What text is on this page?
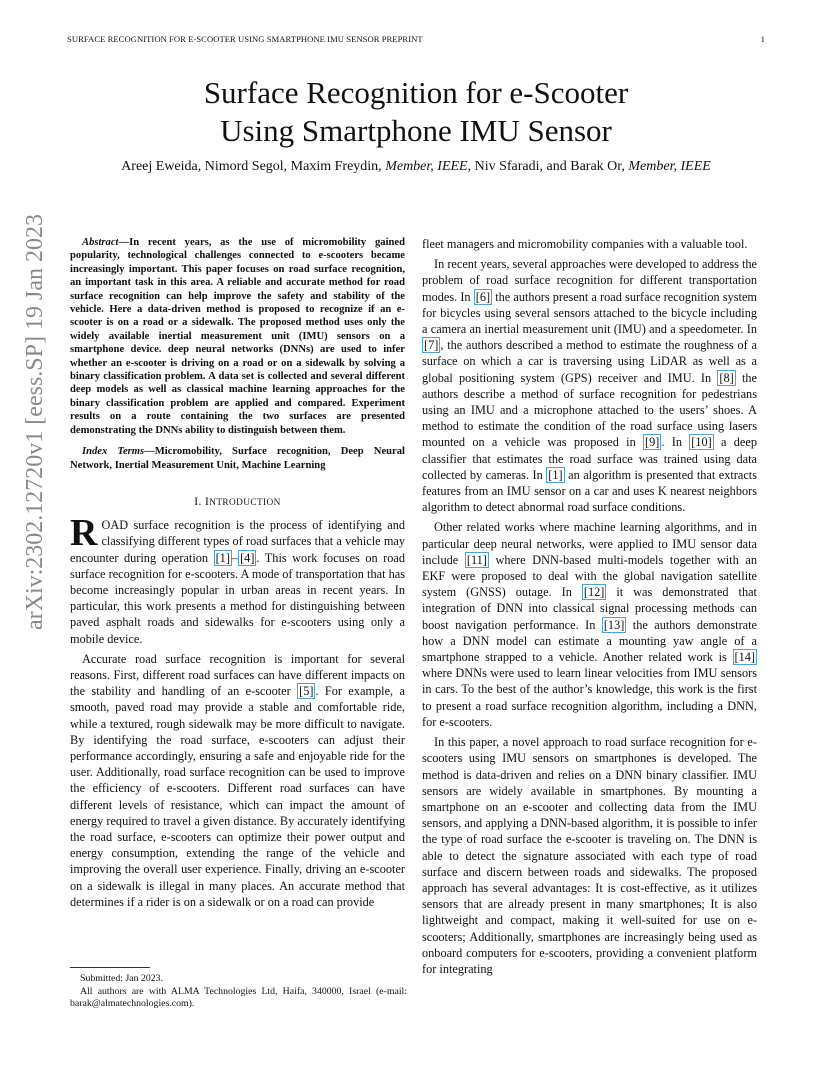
SURFACE RECOGNITION FOR E-SCOOTER USING SMARTPHONE IMU SENSOR PREPRINT	1
arXiv:2302.12720v1 [eess.SP] 19 Jan 2023
Surface Recognition for e-Scooter
Using Smartphone IMU Sensor

Areej Eweida, Nimord Segol, Maxim Freydin, Member, IEEE, Niv Sfaradi, and Barak Or, Member, IEEE

Abstract—In recent years, as the use of micromobility gained popularity, technological challenges connected to e-scooters became increasingly important. This paper focuses on road surface recognition, an important task in this area. A reliable and accurate method for road surface recognition can help improve the safety and stability of the vehicle. Here a data-driven method is proposed to recognize if an e-scooter is on a road or a sidewalk. The proposed method uses only the widely available inertial measurement unit (IMU) sensors on a smartphone device. deep neural networks (DNNs) are used to infer whether an e-scooter is driving on a road or on a sidewalk by solving a binary classification problem. A data set is collected and several different deep models as well as classical machine learning approaches for the binary classification problem are applied and compared. Experiment results on a route containing the two surfaces are presented demonstrating the DNNs ability to distinguish between them.

Index Terms—Micromobility, Surface recognition, Deep Neural Network, Inertial Measurement Unit, Machine Learning

I. INTRODUCTION

ROAD surface recognition is the process of identifying and classifying different types of road surfaces that a vehicle may encounter during operation [1] – [4] . This work focuses on road surface recognition for e-scooters. A mode of transportation that has become increasingly popular in urban areas in recent years. In particular, this work presents a method for distinguishing between paved asphalt roads and sidewalks for e-scooters using only a mobile device.

Accurate road surface recognition is important for several reasons. First, different road surfaces can have different impacts on the stability and handling of an e-scooter [5] . For example, a smooth, paved road may provide a stable and comfortable ride, while a textured, rough sidewalk may be more difficult to navigate. By identifying the road surface, e-scooters can adjust their performance accordingly, ensuring a safe and enjoyable ride for the user. Additionally, road surface recognition can be used to improve the efficiency of e-scooters. Different road surfaces can have different levels of resistance, which can impact the amount of energy required to travel a given distance. By accurately identifying the road surface, e-scooters can optimize their power output and energy consumption, extending the range of the vehicle and improving the overall user experience. Finally, driving an e-scooter on a sidewalk is illegal in many places. An accurate method that determines if a rider is on a sidewalk or on a road can provide

Submitted: Jan 2023.

All authors are with ALMA Technologies Ltd, Haifa, 340000, Israel (e-mail: barak@almatechnologies.com).

fleet managers and micromobility companies with a valuable tool.

In recent years, several approaches were developed to address the problem of road surface recognition for different transportation modes. In [6] the authors present a road surface recognition system for bicycles using several sensors attached to the bicycle including a camera an inertial measurement unit (IMU) and a speedometer. In [7] , the authors described a method to estimate the roughness of a surface on which a car is traversing using LiDAR as well as a global positioning system (GPS) receiver and IMU. In [8] the authors describe a method of surface recognition for pedestrians using an IMU and a microphone attached to the users’ shoes. A method to estimate the condition of the road surface using lasers mounted on a vehicle was proposed in [9] . In [10] a deep classifier that estimates the road surface was trained using data collected by cameras. In [1] an algorithm is presented that extracts features from an IMU sensor on a car and uses K nearest neighbors algorithm to detect abnormal road surface conditions.

Other related works where machine learning algorithms, and in particular deep neural networks, were applied to IMU sensor data include [11] where DNN-based multi-models together with an EKF were proposed to deal with the global navigation satellite system (GNSS) outage. In [12] it was demonstrated that integration of DNN into classical signal processing methods can boost navigation performance. In [13] the authors demonstrate how a DNN model can estimate a mounting yaw angle of a smartphone strapped to a vehicle. Another related work is [14] where DNNs were used to learn linear velocities from IMU sensors in cars. To the best of the author’s knowledge, this work is the first to present a road surface recognition algorithm, including a DNN, for e-scooters.

In this paper, a novel approach to road surface recognition for e-scooters using IMU sensors on smartphones is developed. The method is data-driven and relies on a DNN binary classifier. IMU sensors are widely available in smartphones. By mounting a smartphone on an e-scooter and collecting data from the IMU sensors, and applying a DNN-based algorithm, it is possible to infer the type of road surface the e-scooter is traveling on. The DNN is able to detect the signature associated with each type of road surface and discern between roads and sidewalks. The proposed approach has several advantages: It is cost-effective, as it utilizes sensors that are already present in many smartphones; It is also lightweight and compact, making it well-suited for use on e-scooters; Additionally, smartphones are increasingly being used as onboard computers for e-scooters, providing a convenient platform for integrating
